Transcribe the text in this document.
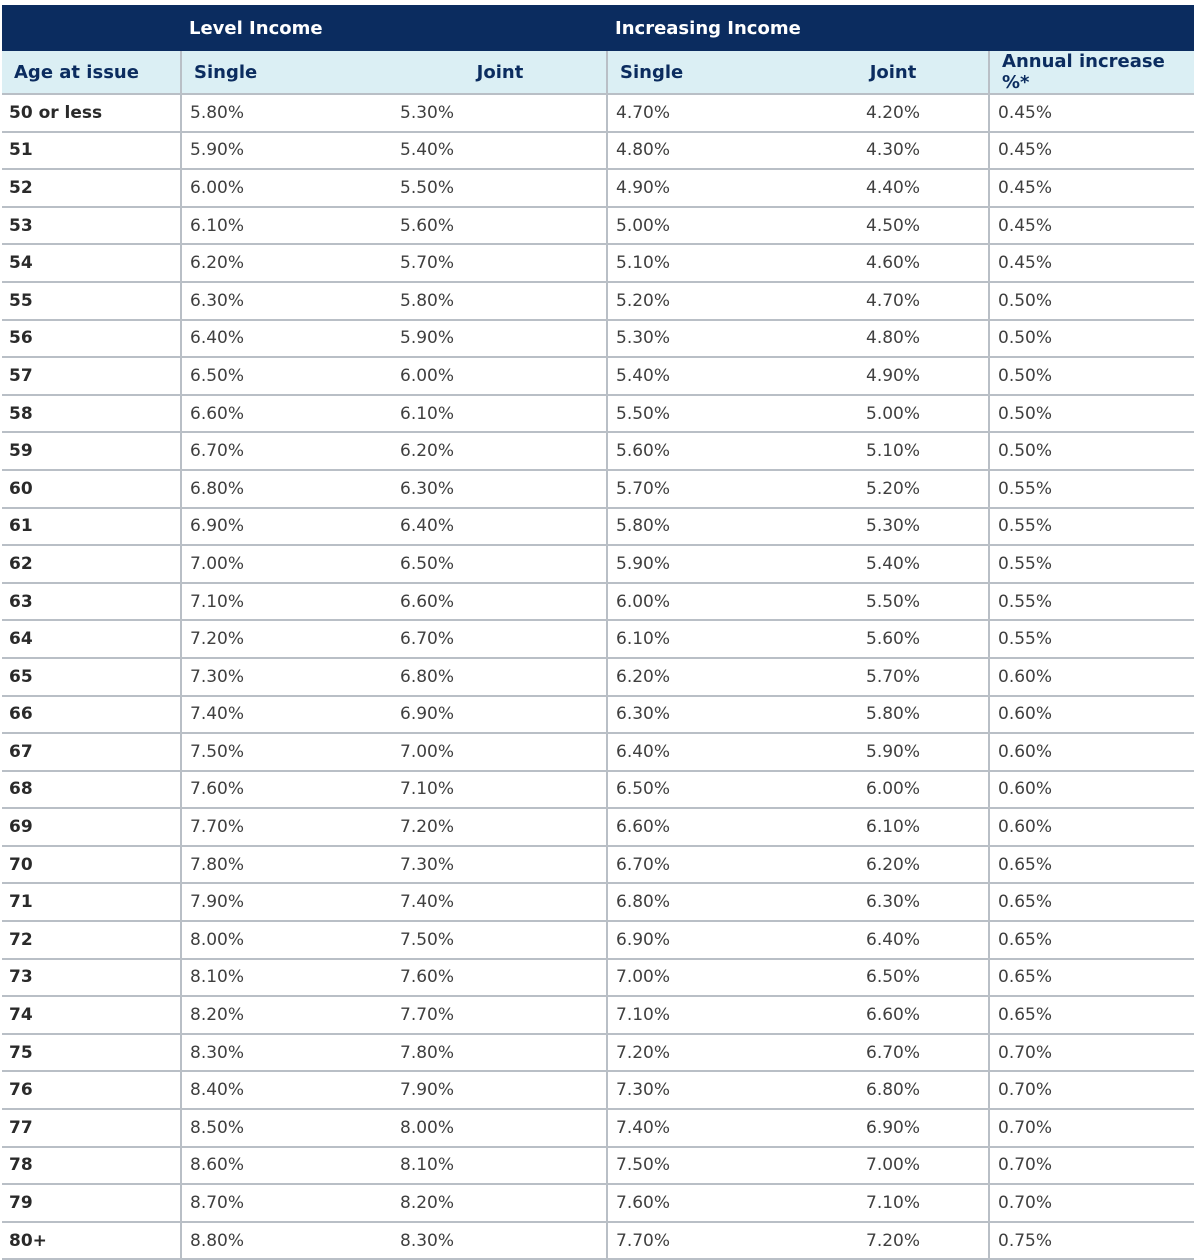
	Level Income		Increasing Income		
Age at issue	Single	Joint	Single	Joint	Annual increase %*
50 or less	5.80%	5.30%	4.70%	4.20%	0.45%
51	5.90%	5.40%	4.80%	4.30%	0.45%
52	6.00%	5.50%	4.90%	4.40%	0.45%
53	6.10%	5.60%	5.00%	4.50%	0.45%
54	6.20%	5.70%	5.10%	4.60%	0.45%
55	6.30%	5.80%	5.20%	4.70%	0.50%
56	6.40%	5.90%	5.30%	4.80%	0.50%
57	6.50%	6.00%	5.40%	4.90%	0.50%
58	6.60%	6.10%	5.50%	5.00%	0.50%
59	6.70%	6.20%	5.60%	5.10%	0.50%
60	6.80%	6.30%	5.70%	5.20%	0.55%
61	6.90%	6.40%	5.80%	5.30%	0.55%
62	7.00%	6.50%	5.90%	5.40%	0.55%
63	7.10%	6.60%	6.00%	5.50%	0.55%
64	7.20%	6.70%	6.10%	5.60%	0.55%
65	7.30%	6.80%	6.20%	5.70%	0.60%
66	7.40%	6.90%	6.30%	5.80%	0.60%
67	7.50%	7.00%	6.40%	5.90%	0.60%
68	7.60%	7.10%	6.50%	6.00%	0.60%
69	7.70%	7.20%	6.60%	6.10%	0.60%
70	7.80%	7.30%	6.70%	6.20%	0.65%
71	7.90%	7.40%	6.80%	6.30%	0.65%
72	8.00%	7.50%	6.90%	6.40%	0.65%
73	8.10%	7.60%	7.00%	6.50%	0.65%
74	8.20%	7.70%	7.10%	6.60%	0.65%
75	8.30%	7.80%	7.20%	6.70%	0.70%
76	8.40%	7.90%	7.30%	6.80%	0.70%
77	8.50%	8.00%	7.40%	6.90%	0.70%
78	8.60%	8.10%	7.50%	7.00%	0.70%
79	8.70%	8.20%	7.60%	7.10%	0.70%
80+	8.80%	8.30%	7.70%	7.20%	0.75%
